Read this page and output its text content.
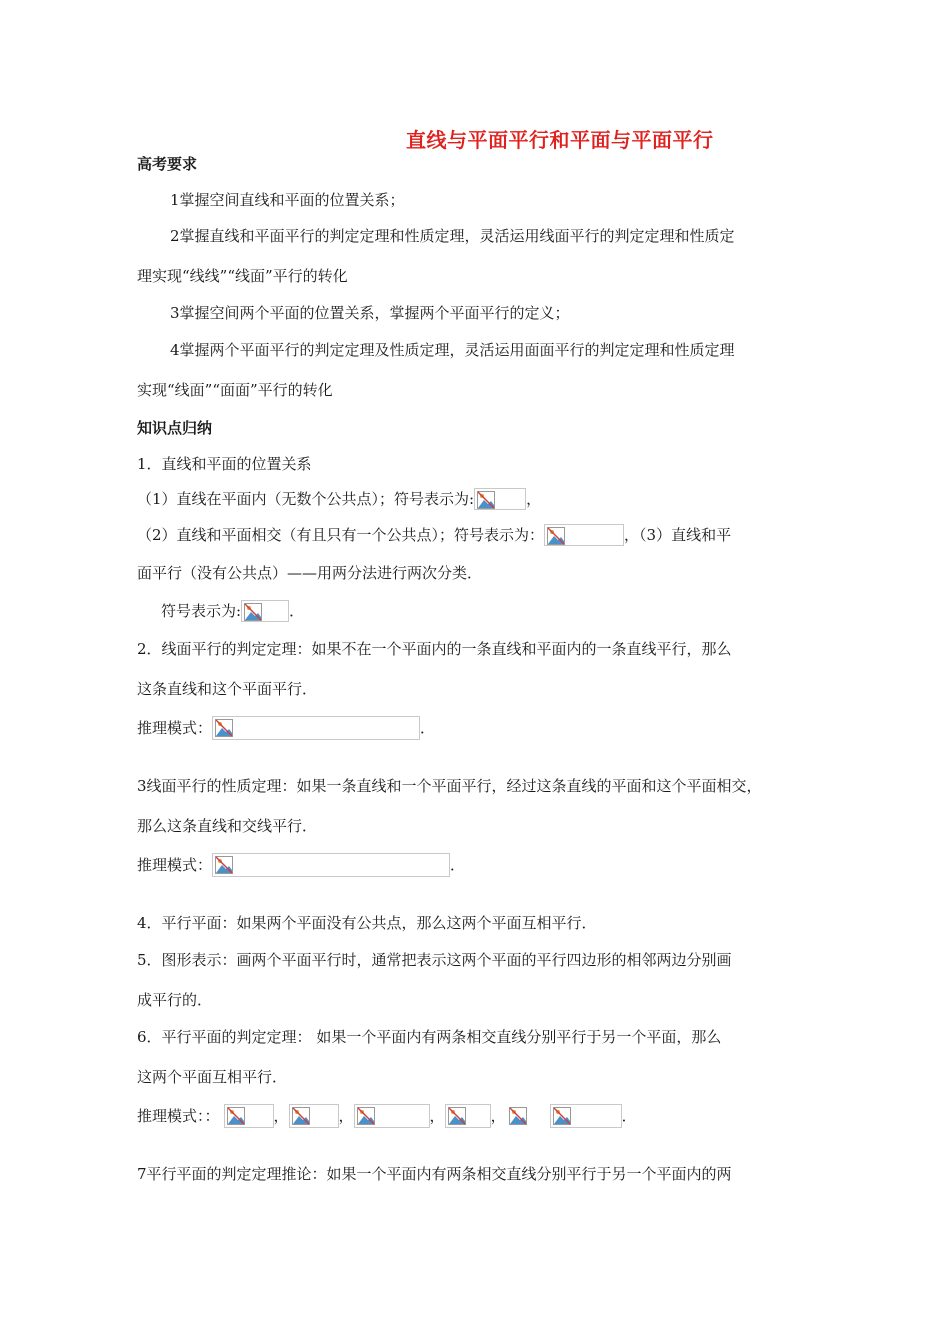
直线与平面平行和平面与平面平行
高考要求
1掌握空间直线和平面的位置关系；
2掌握直线和平面平行的判定定理和性质定理，灵活运用线面平行的判定定理和性质定
理实现“线线”“线面”平行的转化
3掌握空间两个平面的位置关系，掌握两个平面平行的定义；
4掌握两个平面平行的判定定理及性质定理，灵活运用面面平行的判定定理和性质定理
实现“线面”“面面”平行的转化
知识点归纳
1．直线和平面的位置关系
（1）直线在平面内（无数个公共点）；符号表示为:	，
（2）直线和平面相交（有且只有一个公共点）；符号表示为：	，（3）直线和平
面平行（没有公共点）——用两分法进行两次分类．
符号表示为:	．
2．线面平行的判定定理：如果不在一个平面内的一条直线和平面内的一条直线平行，那么
这条直线和这个平面平行．
推理模式：	．
3线面平行的性质定理：如果一条直线和一个平面平行，经过这条直线的平面和这个平面相交，
那么这条直线和交线平行．
推理模式：	．
4．平行平面：如果两个平面没有公共点，那么这两个平面互相平行．
5．图形表示：画两个平面平行时，通常把表示这两个平面的平行四边形的相邻两边分别画
成平行的．
6．平行平面的判定定理： 如果一个平面内有两条相交直线分别平行于另一个平面，那么
这两个平面互相平行．
推理模式：：	，	，	，	，	．
7平行平面的判定定理推论：如果一个平面内有两条相交直线分别平行于另一个平面内的两
